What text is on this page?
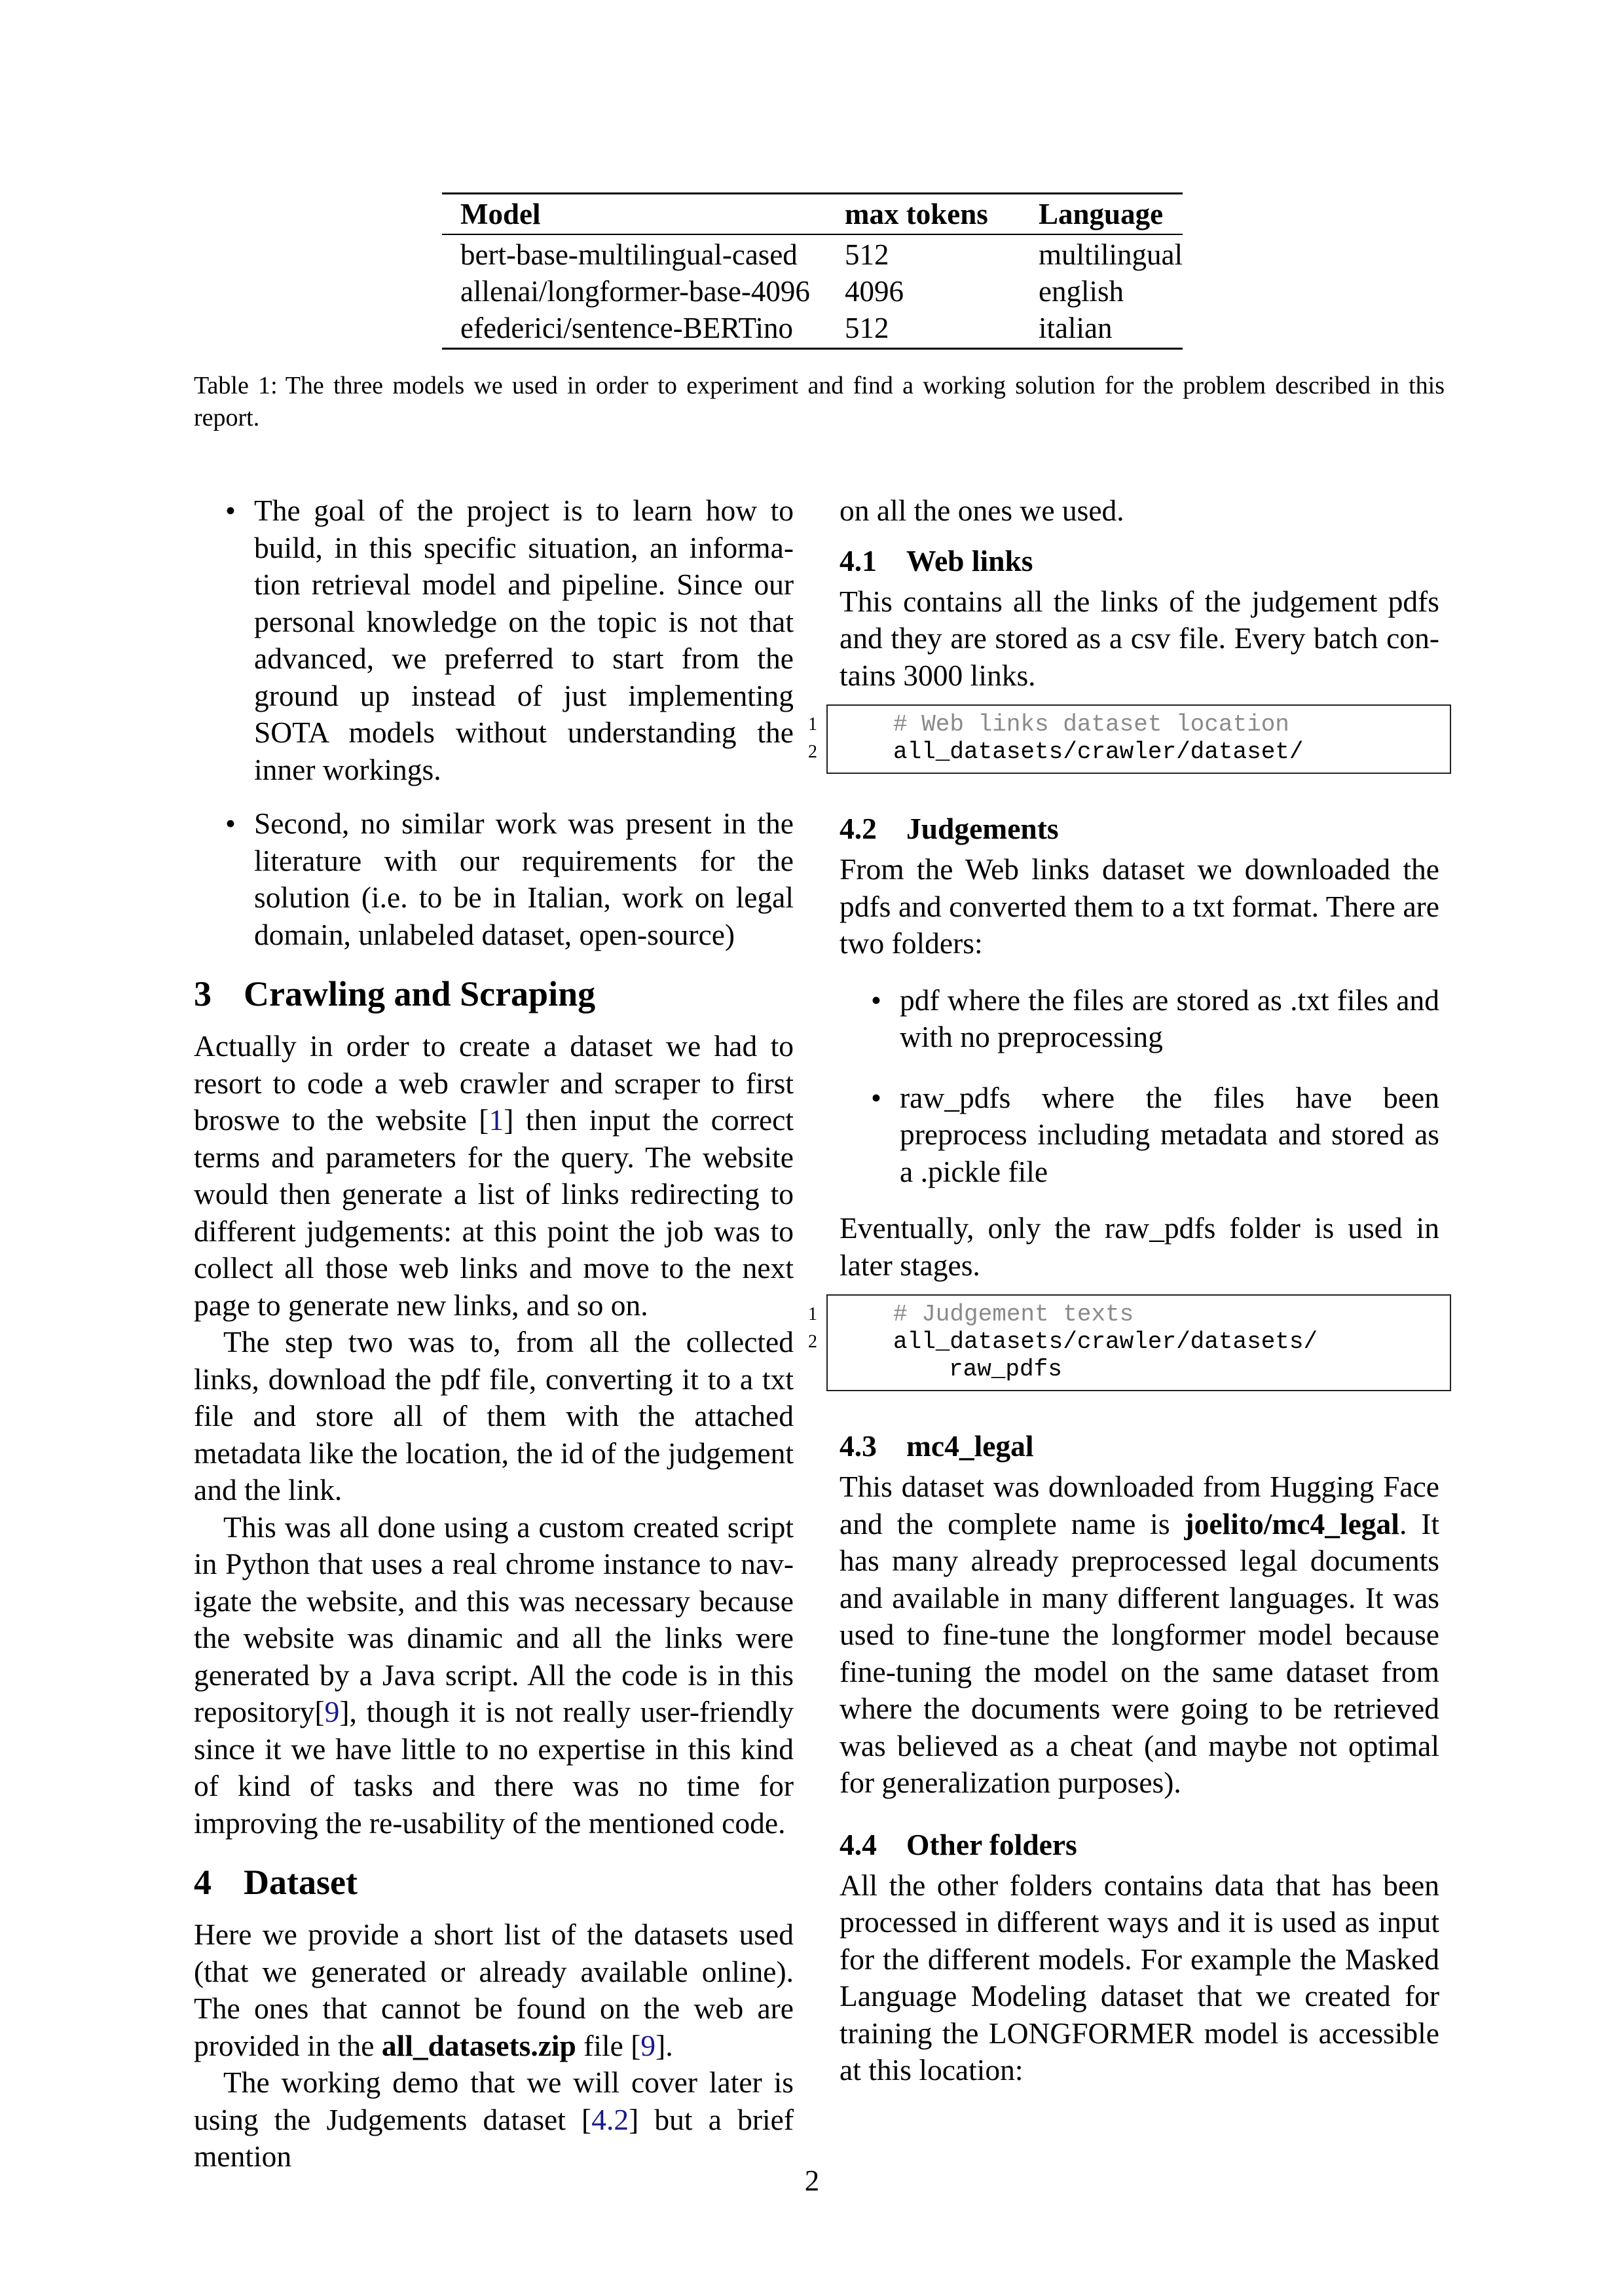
Model	max tokens	Language
bert-base-multilingual-cased	512	multilingual
allenai/longformer-base-4096	4096	english
efederici/sentence-BERTino	512	italian
Table 1: The three models we used in order to experiment and find a working solution for the problem described in this report.
• The goal of the project is to learn how to build, in this specific situation, an information retrieval model and pipeline. Since our personal knowledge on the topic is not that advanced, we preferred to start from the ground up instead of just implementing SOTA models without understanding the inner workings.
• Second, no similar work was present in the literature with our requirements for the solution (i.e. to be in Italian, work on legal domain, unlabeled dataset, open-source)
3 Crawling and Scraping

Actually in order to create a dataset we had to resort to code a web crawler and scraper to first broswe to the website [1] then input the correct terms and parameters for the query. The website would then generate a list of links redirecting to different judgements: at this point the job was to collect all those web links and move to the next page to generate new links, and so on.

The step two was to, from all the collected links, download the pdf file, converting it to a txt file and store all of them with the attached metadata like the location, the id of the judgement and the link.

This was all done using a custom created script in Python that uses a real chrome instance to navigate the website, and this was necessary because the website was dinamic and all the links were generated by a Java script. All the code is in this repository[9], though it is not really user-friendly since it we have little to no expertise in this kind of kind of tasks and there was no time for improving the re-usability of the mentioned code.

4 Dataset

Here we provide a short list of the datasets used (that we generated or already available online). The ones that cannot be found on the web are provided in the all_datasets.zip file [9].

The working demo that we will cover later is using the Judgements dataset [4.2] but a brief mention

on all the ones we used.

4.1 Web links

This contains all the links of the judgement pdfs and they are stored as a csv file. Every batch contains 3000 links.

1
2
# Web links dataset location
all_datasets/crawler/dataset/
4.2 Judgements

From the Web links dataset we downloaded the pdfs and converted them to a txt format. There are two folders:

• pdf where the files are stored as .txt files and with no preprocessing
• raw_pdfs where the files have been preprocess including metadata and stored as a .pickle file

Eventually, only the raw_pdfs folder is used in later stages.

1
2
# Judgement texts
all_datasets/crawler/datasets/
raw_pdfs
4.3 mc4_legal

This dataset was downloaded from Hugging Face and the complete name is joelito/mc4_legal. It has many already preprocessed legal documents and available in many different languages. It was used to fine-tune the longformer model because fine-tuning the model on the same dataset from where the documents were going to be retrieved was believed as a cheat (and maybe not optimal for generalization purposes).

4.4 Other folders

All the other folders contains data that has been processed in different ways and it is used as input for the different models. For example the Masked Language Modeling dataset that we created for training the LONGFORMER model is accessible at this location:

2
